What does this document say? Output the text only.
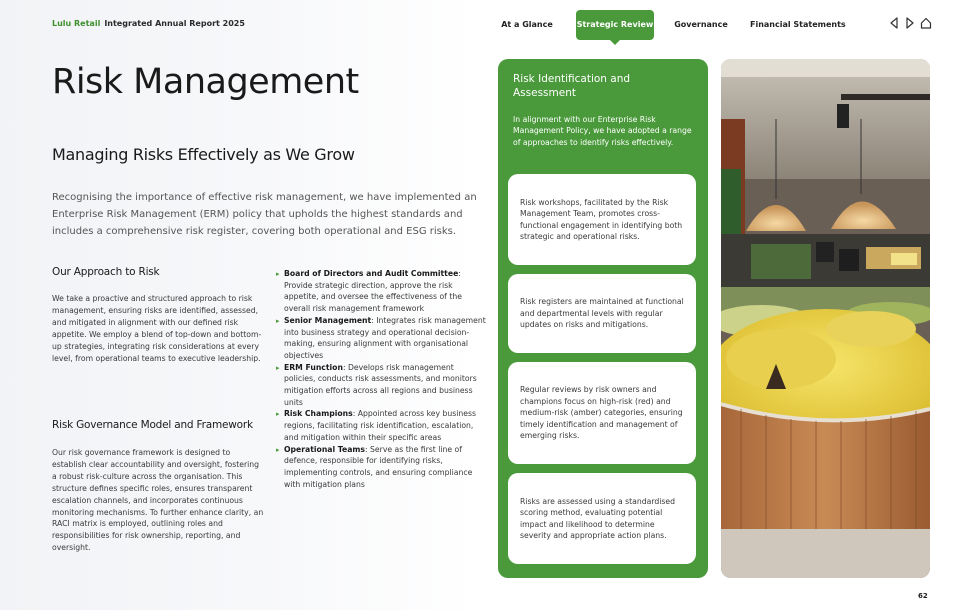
Lulu Retail Integrated Annual Report 2025	At a Glance	Strategic Review	Governance	Financial Statements
Risk Management
Managing Risks Effectively as We Grow

Recognising the importance of effective risk management, we have implemented an Enterprise Risk Management (ERM) policy that upholds the highest standards and includes a comprehensive risk register, covering both operational and ESG risks.

Our Approach to Risk

We take a proactive and structured approach to risk management, ensuring risks are identified, assessed, and mitigated in alignment with our defined risk appetite. We employ a blend of top-down and bottom-up strategies, integrating risk considerations at every level, from operational teams to executive leadership.

Risk Governance Model and Framework

Our risk governance framework is designed to establish clear accountability and oversight, fostering a robust risk-culture across the organisation. This structure defines specific roles, ensures transparent escalation channels, and incorporates continuous monitoring mechanisms. To further enhance clarity, an RACI matrix is employed, outlining roles and responsibilities for risk ownership, reporting, and oversight.

▸ Board of Directors and Audit Committee: Provide strategic direction, approve the risk appetite, and oversee the effectiveness of the overall risk management framework
▸ Senior Management: Integrates risk management into business strategy and operational decision-making, ensuring alignment with organisational objectives
▸ ERM Function: Develops risk management policies, conducts risk assessments, and monitors mitigation efforts across all regions and business units
▸ Risk Champions: Appointed across key business regions, facilitating risk identification, escalation, and mitigation within their specific areas
▸ Operational Teams: Serve as the first line of defence, responsible for identifying risks, implementing controls, and ensuring compliance with mitigation plans
Risk Identification and Assessment

In alignment with our Enterprise Risk Management Policy, we have adopted a range of approaches to identify risks effectively.

Risk workshops, facilitated by the Risk Management Team, promotes cross-functional engagement in identifying both strategic and operational risks.
Risk registers are maintained at functional and departmental levels with regular updates on risks and mitigations.
Regular reviews by risk owners and champions focus on high-risk (red) and medium-risk (amber) categories, ensuring timely identification and management of emerging risks.
Risks are assessed using a standardised scoring method, evaluating potential impact and likelihood to determine severity and appropriate action plans.
62
